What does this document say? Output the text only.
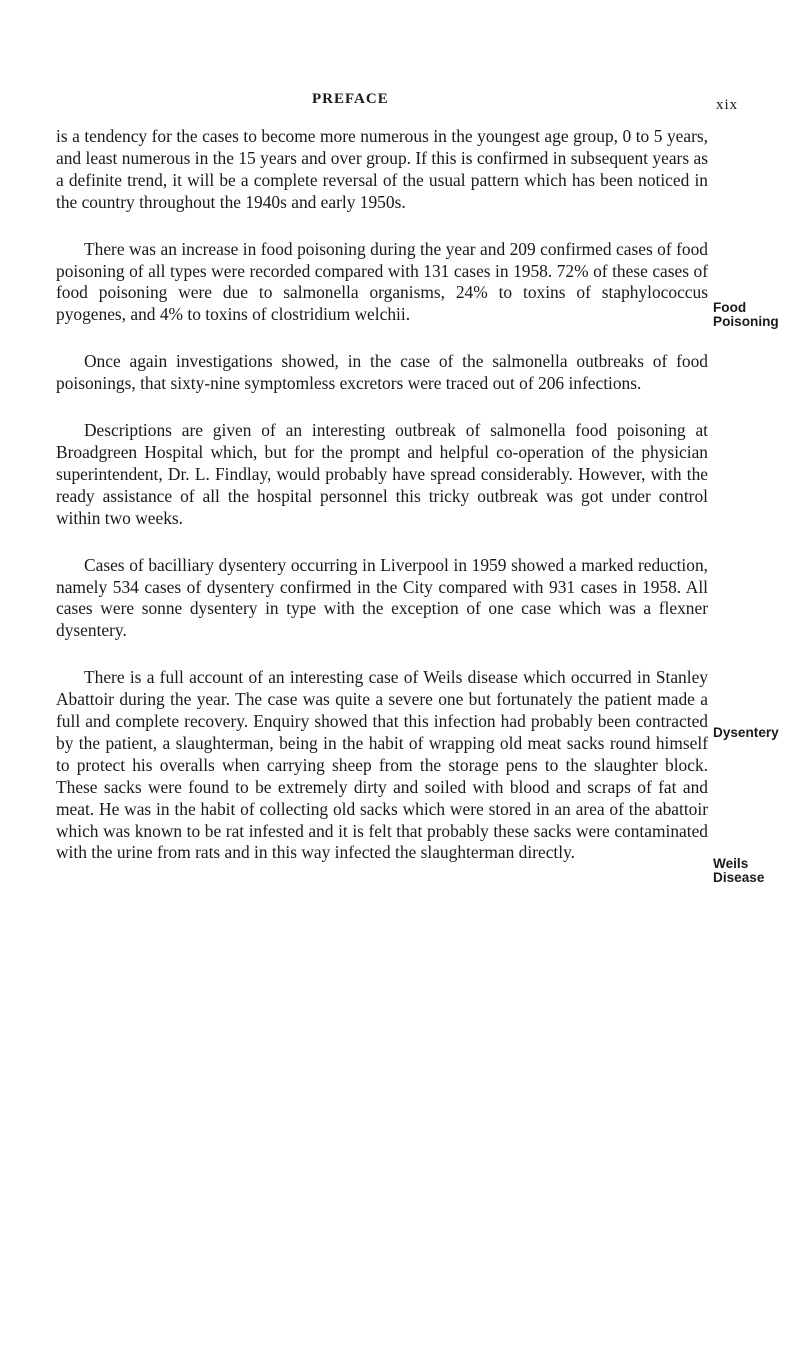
PREFACE	xix

is a tendency for the cases to become more numerous in the youngest age group, 0 to 5 years, and least numerous in the 15 years and over group. If this is confirmed in subsequent years as a definite trend, it will be a complete reversal of the usual pattern which has been noticed in the country throughout the 1940s and early 1950s.

There was an increase in food poisoning during the year and 209 confirmed cases of food poisoning of all types were recorded compared with 131 cases in 1958. 72% of these cases of food poisoning were due to salmonella organisms, 24% to toxins of staphylococcus pyogenes, and 4% to toxins of clostridium welchii.

Once again investigations showed, in the case of the salmonella outbreaks of food poisonings, that sixty-nine symptomless excretors were traced out of 206 infections.

Descriptions are given of an interesting outbreak of salmonella food poisoning at Broadgreen Hospital which, but for the prompt and helpful co-operation of the physician superintendent, Dr. L. Findlay, would probably have spread considerably. However, with the ready assistance of all the hospital personnel this tricky outbreak was got under control within two weeks.

Cases of bacilliary dysentery occurring in Liverpool in 1959 showed a marked reduction, namely 534 cases of dysentery confirmed in the City compared with 931 cases in 1958. All cases were sonne dysentery in type with the exception of one case which was a flexner dysentery.

There is a full account of an interesting case of Weils disease which occurred in Stanley Abattoir during the year. The case was quite a severe one but fortunately the patient made a full and complete recovery. Enquiry showed that this infection had probably been contracted by the patient, a slaughterman, being in the habit of wrapping old meat sacks round himself to protect his overalls when carrying sheep from the storage pens to the slaughter block. These sacks were found to be extremely dirty and soiled with blood and scraps of fat and meat. He was in the habit of collecting old sacks which were stored in an area of the abattoir which was known to be rat infested and it is felt that probably these sacks were contaminated with the urine from rats and in this way infected the slaughterman directly.

Food
Poisoning
Dysentery
Weils
Disease
